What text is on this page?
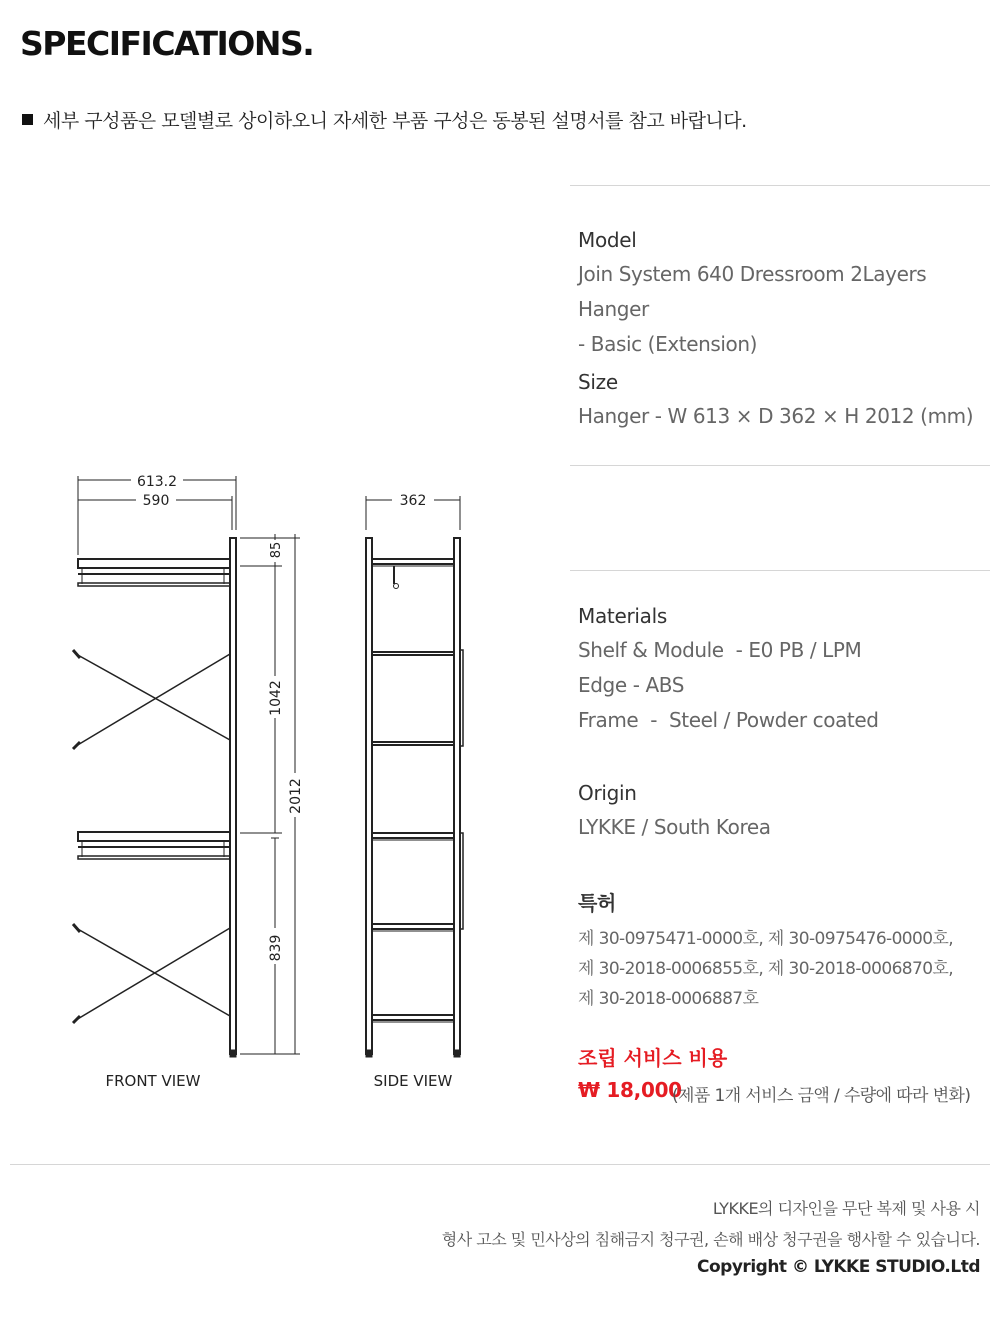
SPECIFICATIONS.
세부 구성품은 모델별로 상이하오니 자세한 부품 구성은 동봉된 설명서를 참고 바랍니다.
Model
Join System 640 Dressroom 2Layers Hanger
- Basic (Extension)
Size
Hanger - W 613 × D 362 × H 2012 (mm)
Materials
Shelf & Module  - E0 PB / LPM
Edge - ABS
Frame  -  Steel / Powder coated
Origin
LYKKE / South Korea
특허
제 30-0975471-0000호, 제 30-0975476-0000호,
제 30-2018-0006855호, 제 30-2018-0006870호,
제 30-2018-0006887호
조립 서비스 비용
₩ 18,000
(제품 1개 서비스 금액 / 수량에 따라 변화)
613.2
590	362
85
1042
839
2012
FRONT VIEW	SIDE VIEW
LYKKE의 디자인을 무단 복제 및 사용 시
형사 고소 및 민사상의 침해금지 청구권, 손해 배상 청구권을 행사할 수 있습니다.
Copyright © LYKKE STUDIO.Ltd
